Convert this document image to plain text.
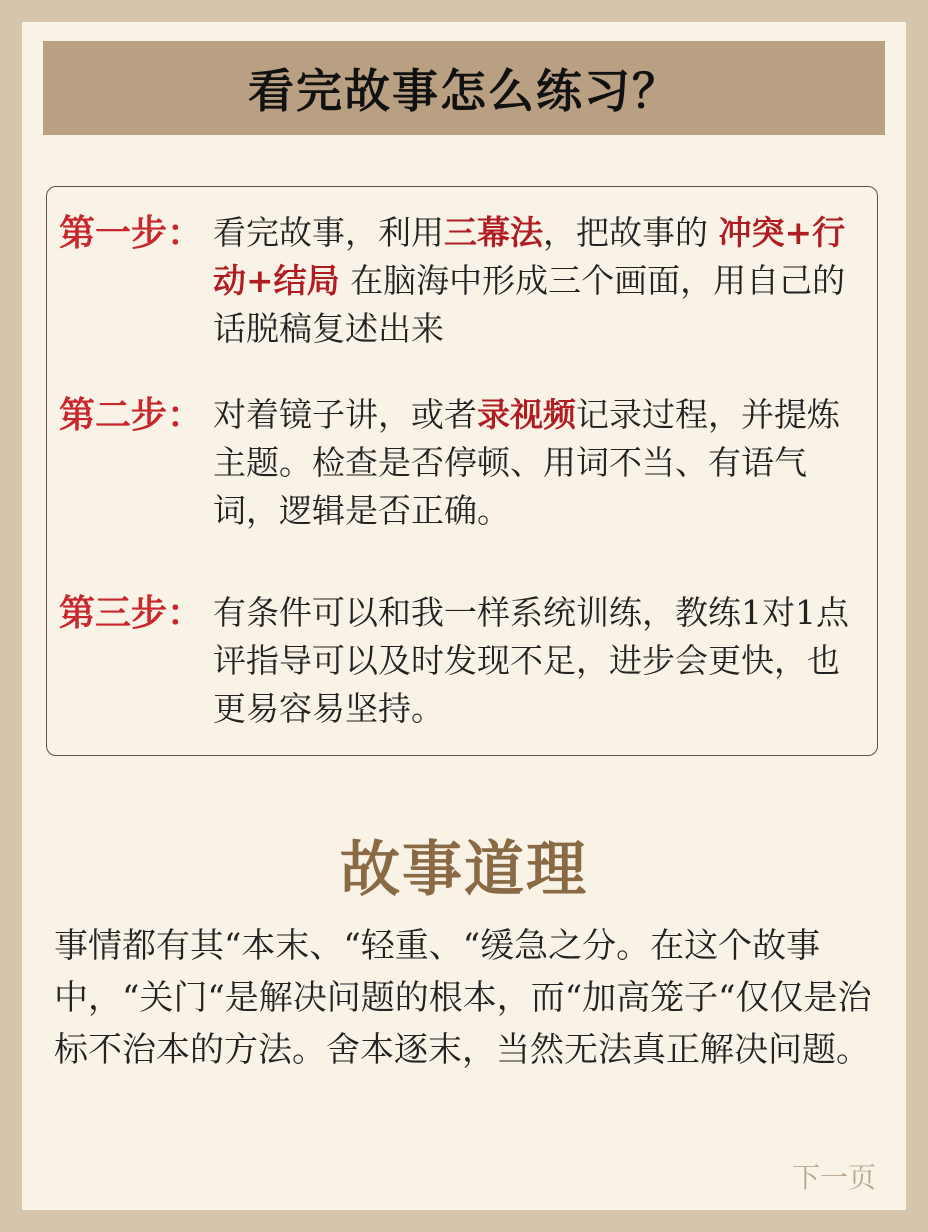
看完故事怎么练习？
第一步： 看完故事，利用三幕法，把故事的 冲突+行动+结局 在脑海中形成三个画面，用自己的话脱稿复述出来
第二步： 对着镜子讲，或者录视频记录过程，并提炼主题。检查是否停顿、用词不当、有语气词，逻辑是否正确。
第三步： 有条件可以和我一样系统训练，教练1对1点评指导可以及时发现不足，进步会更快，也更易容易坚持。
故事道理
事情都有其“本末、“轻重、“缓急之分。在这个故事中，“关门“是解决问题的根本，而“加高笼子“仅仅是治标不治本的方法。舍本逐末，当然无法真正解决问题。
下一页
